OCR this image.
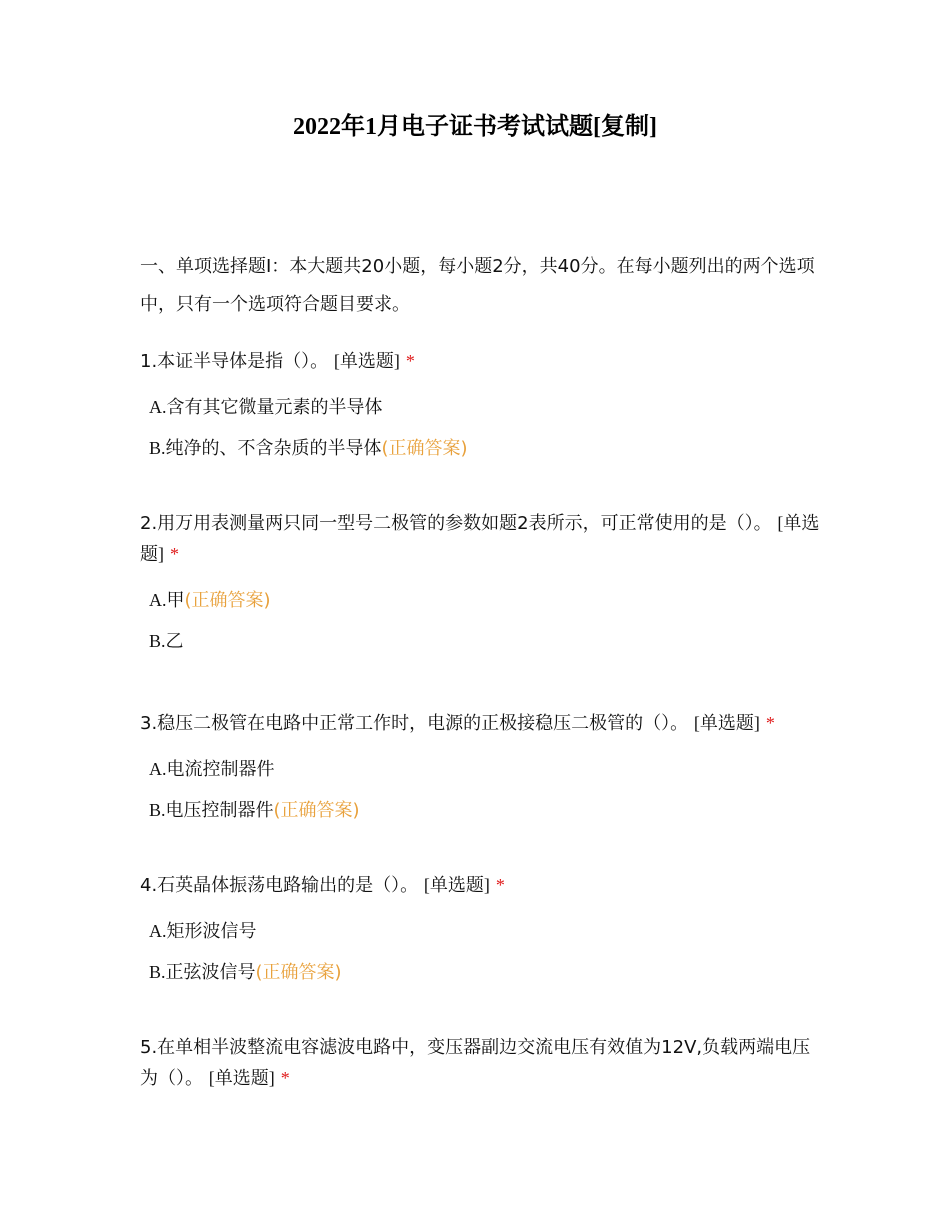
2022年1月电子证书考试试题[复制]
一、单项选择题Ⅰ：本大题共20小题，每小题2分，共40分。在每小题列出的两个选项中，只有一个选项符合题目要求。
1.本证半导体是指（）。 [单选题] *
A.含有其它微量元素的半导体
B.纯净的、不含杂质的半导体(正确答案)
2.用万用表测量两只同一型号二极管的参数如题2表所示，可正常使用的是（）。 [单选题] *
A.甲(正确答案)
B.乙
3.稳压二极管在电路中正常工作时，电源的正极接稳压二极管的（）。 [单选题] *
A.电流控制器件
B.电压控制器件(正确答案)
4.石英晶体振荡电路输出的是（）。 [单选题] *
A.矩形波信号
B.正弦波信号(正确答案)
5.在单相半波整流电容滤波电路中，变压器副边交流电压有效值为12V,负载两端电压为（）。 [单选题] *
